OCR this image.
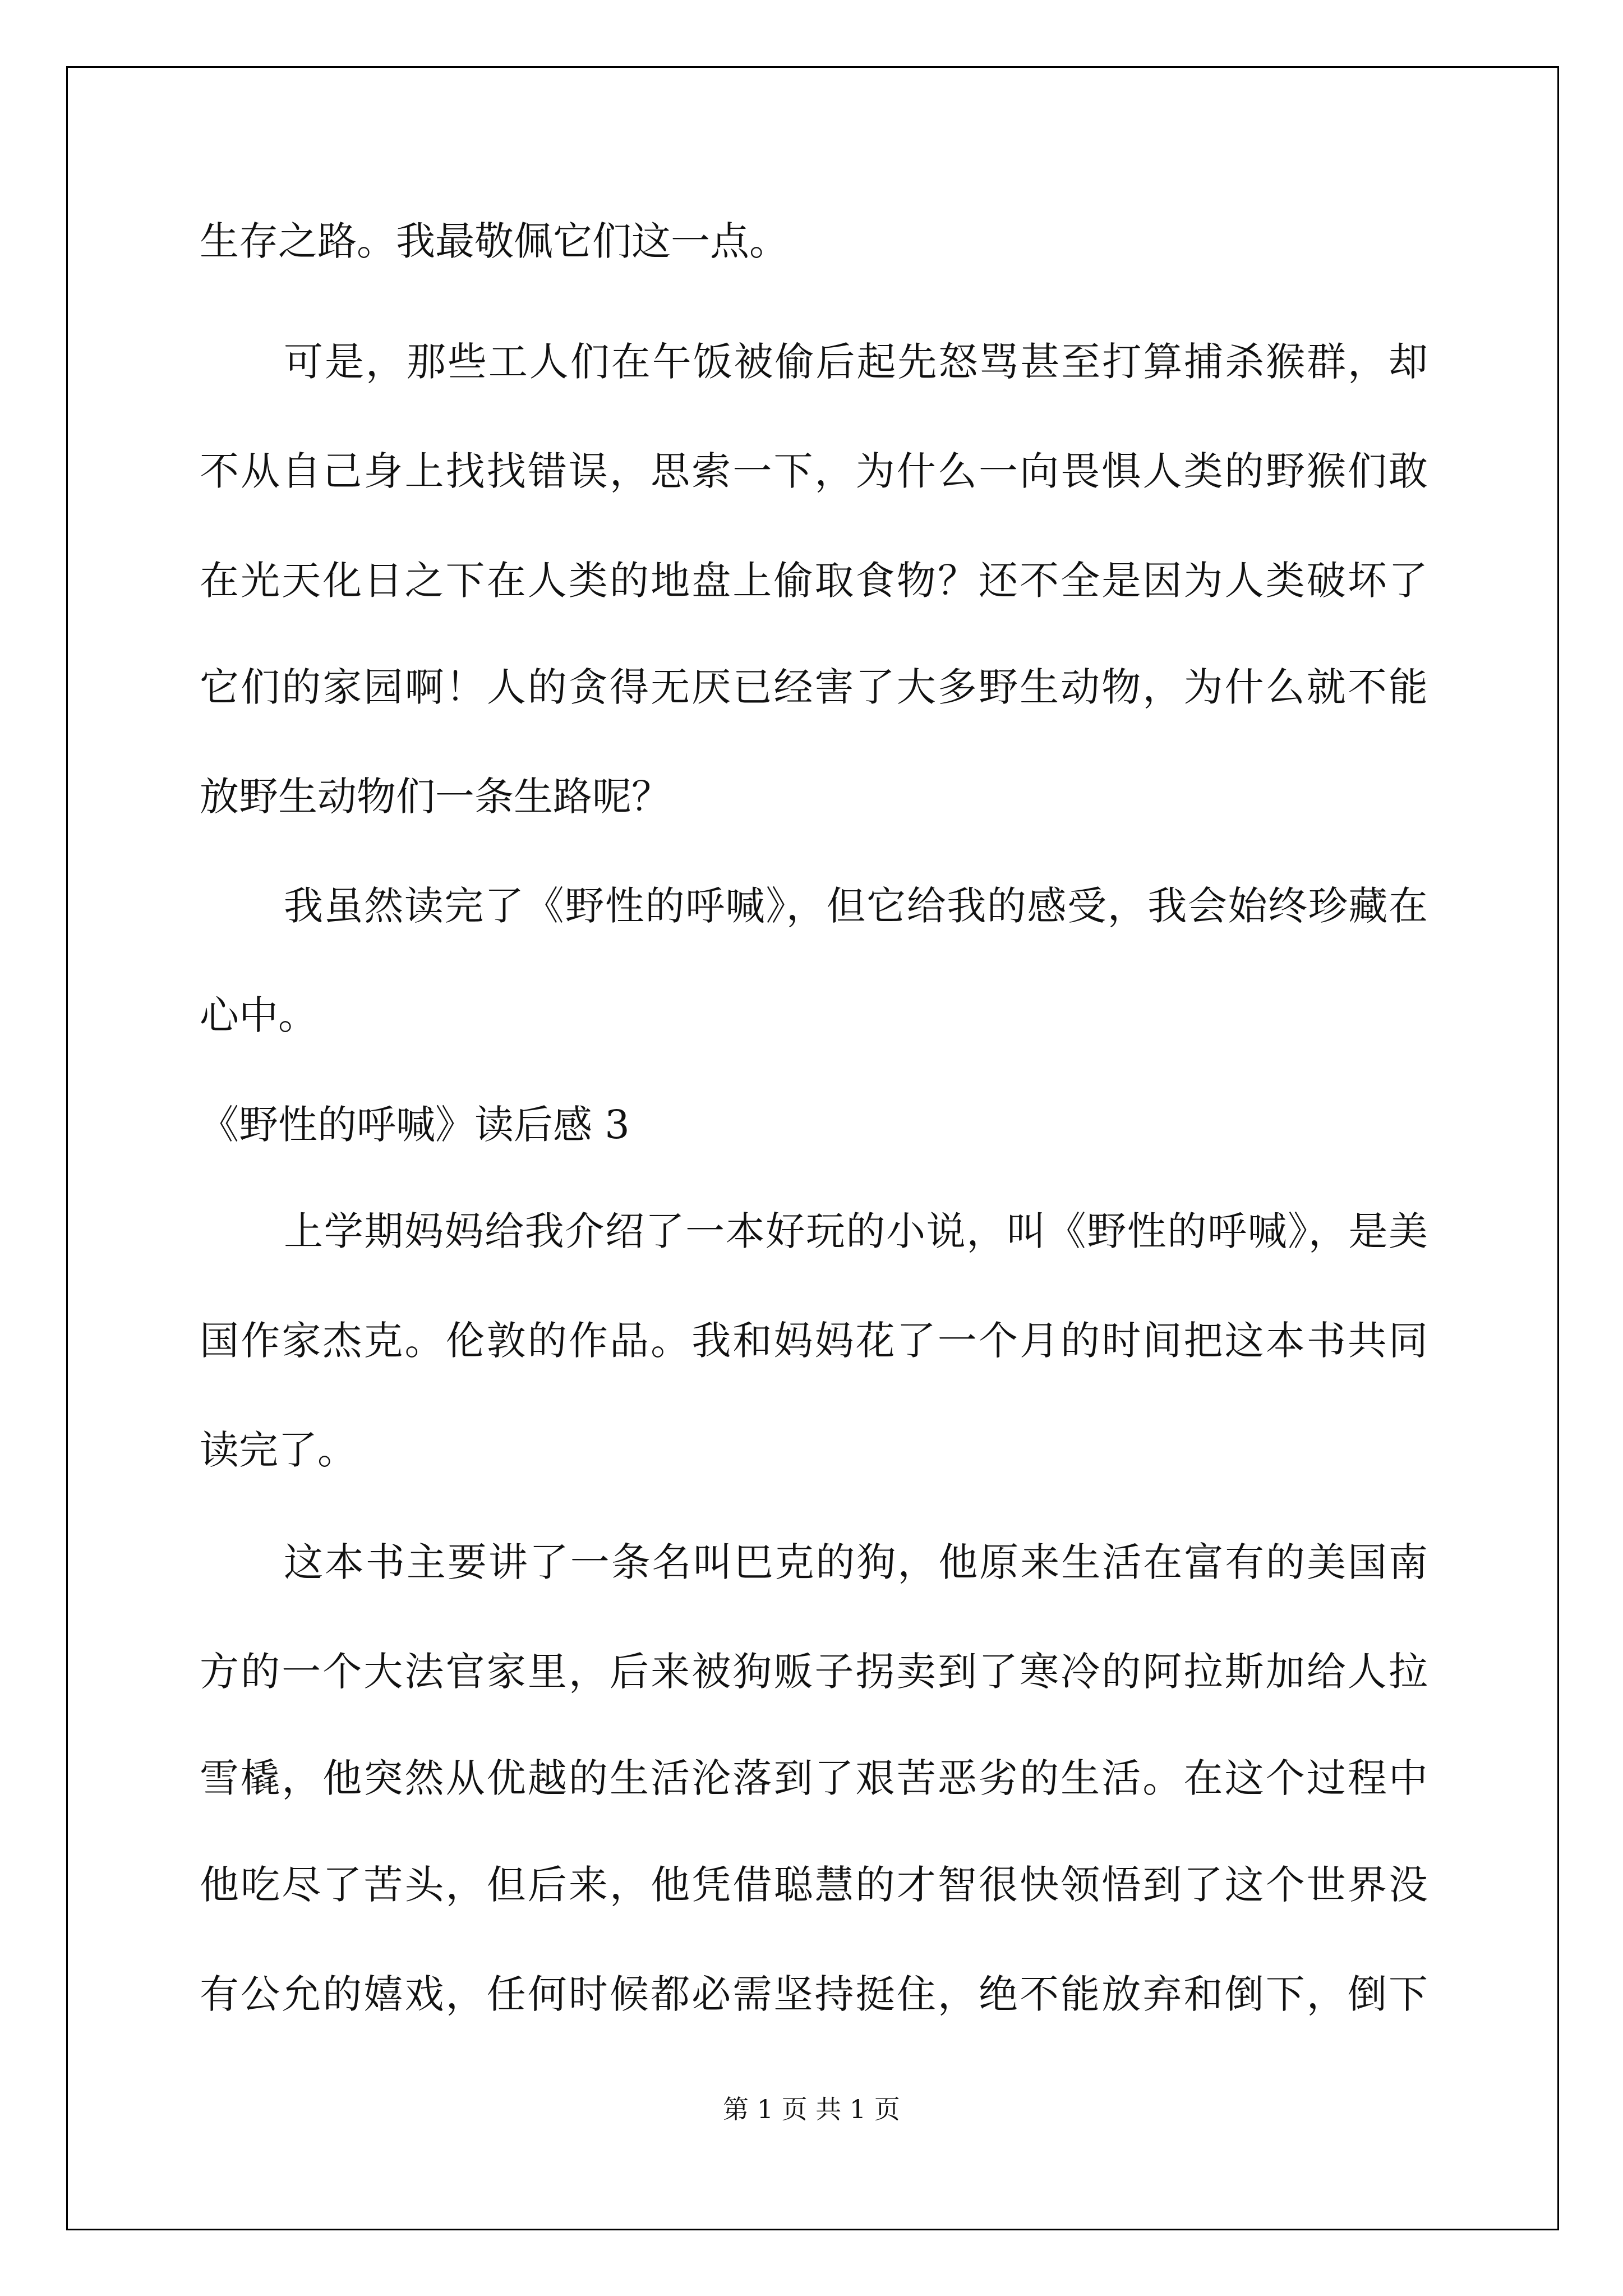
生存之路。我最敬佩它们这一点。
可是，那些工人们在午饭被偷后起先怒骂甚至打算捕杀猴群，却
不从自己身上找找错误，思索一下，为什么一向畏惧人类的野猴们敢
在光天化日之下在人类的地盘上偷取食物？还不全是因为人类破坏了
它们的家园啊！人的贪得无厌已经害了大多野生动物，为什么就不能
放野生动物们一条生路呢？
我虽然读完了《野性的呼喊》，但它给我的感受，我会始终珍藏在
心中。
《野性的呼喊》读后感 3
上学期妈妈给我介绍了一本好玩的小说，叫《野性的呼喊》，是美
国作家杰克。伦敦的作品。我和妈妈花了一个月的时间把这本书共同
读完了。
这本书主要讲了一条名叫巴克的狗，他原来生活在富有的美国南
方的一个大法官家里，后来被狗贩子拐卖到了寒冷的阿拉斯加给人拉
雪橇，他突然从优越的生活沦落到了艰苦恶劣的生活。在这个过程中
他吃尽了苦头，但后来，他凭借聪慧的才智很快领悟到了这个世界没
有公允的嬉戏，任何时候都必需坚持挺住，绝不能放弃和倒下，倒下
第 1 页 共 1 页
